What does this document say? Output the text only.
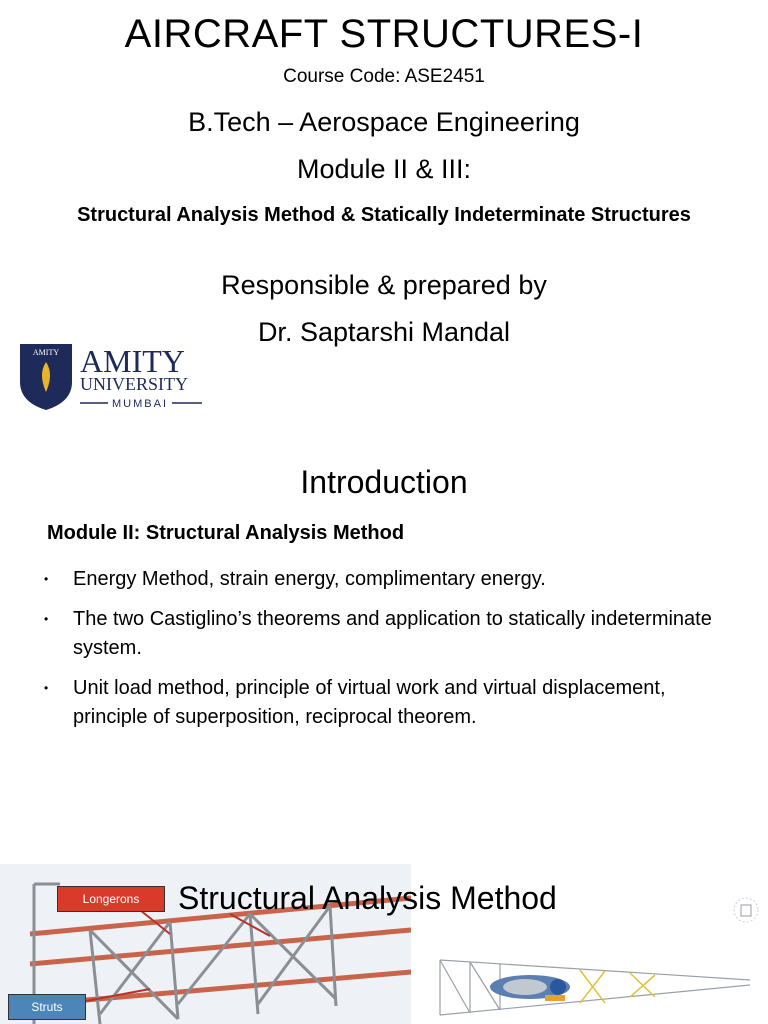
AIRCRAFT STRUCTURES-I
Course Code: ASE2451
B.Tech – Aerospace Engineering
Module II & III:
Structural Analysis Method & Statically Indeterminate Structures
Responsible & prepared by
Dr. Saptarshi Mandal
AMITY AMITY
UNIVERSITY
MUMBAI
Introduction
Module II: Structural Analysis Method
• Energy Method, strain energy, complimentary energy.
• The two Castiglino’s theorems and application to statically indeterminate system.
• Unit load method, principle of virtual work and virtual displacement, principle of superposition, reciprocal theorem.
Longerons
Struts
Structural Analysis Method
